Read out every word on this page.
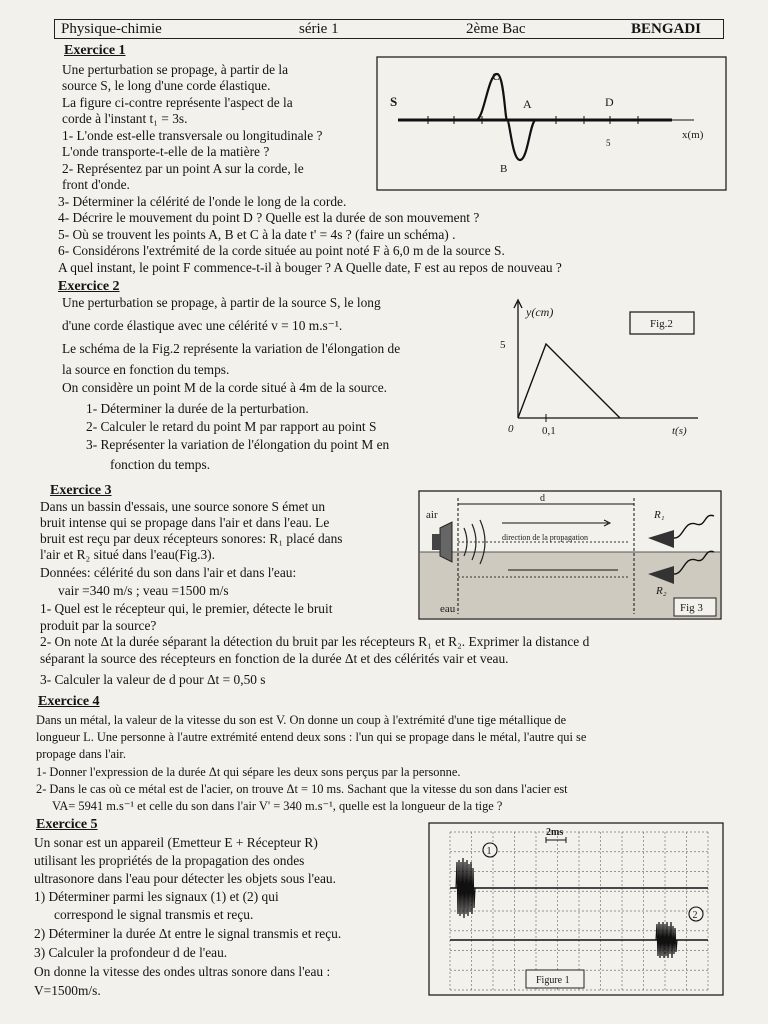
Physique-chimie	série 1	2ème Bac	BENGADI
Exercice 1
Une perturbation se propage, à partir de la
source S, le long d'une corde élastique.
La figure ci-contre représente l'aspect de la
corde à l'instant t₁ = 3s.
1- L'onde est-elle transversale ou longitudinale ?
L'onde transporte-t-elle de la matière ?
2- Représentez par un point A sur la corde, le
front d'onde.
3- Déterminer la célérité de l'onde le long de la corde.
4- Décrire le mouvement du point D ? Quelle est la durée de son mouvement ?
5- Où se trouvent les points A, B et C à la date t' = 4s ? (faire un schéma) .
6- Considérons l'extrémité de la corde située au point noté F à 6,0 m de la source S.
A quel instant, le point F commence-t-il à bouger ? A Quelle date, F est au repos de nouveau ?
S
C
A	D
B
5
x(m)
Exercice 2
Une perturbation se propage, à partir de la source S, le long
d'une corde élastique avec une célérité v = 10 m.s⁻¹.
Le schéma de la Fig.2 représente la variation de l'élongation de
la source en fonction du temps.
On considère un point M de la corde situé à 4m de la source.
1- Déterminer la durée de la perturbation.
2- Calculer le retard du point M par rapport au point S
3- Représenter la variation de l'élongation du point M en
fonction du temps.
Fig.2
y(cm)
5
0	0,1	t(s)
Exercice 3
Dans un bassin d'essais, une source sonore S émet un
bruit intense qui se propage dans l'air et dans l'eau. Le
bruit est reçu par deux récepteurs sonores: R₁ placé dans
l'air et R₂ situé dans l'eau(Fig.3).
Données: célérité du son dans l'air et dans l'eau:
vair =340 m/s ; veau =1500 m/s
1- Quel est le récepteur qui, le premier, détecte le bruit
produit par la source?
2- On note Δt la durée séparant la détection du bruit par les récepteurs R₁ et R₂. Exprimer la distance d
séparant la source des récepteurs en fonction de la durée Δt et des célérités vair et veau.
3- Calculer la valeur de d pour Δt = 0,50 s
air
eau
d
direction de la propagation
R₁
R₂
Fig 3
Exercice 4
Dans un métal, la valeur de la vitesse du son est V. On donne un coup à l'extrémité d'une tige métallique de
longueur L. Une personne à l'autre extrémité entend deux sons : l'un qui se propage dans le métal, l'autre qui se
propage dans l'air.
1- Donner l'expression de la durée Δt qui sépare les deux sons perçus par la personne.
2- Dans le cas où ce métal est de l'acier, on trouve Δt = 10 ms. Sachant que la vitesse du son dans l'acier est
VA= 5941 m.s⁻¹ et celle du son dans l'air V' = 340 m.s⁻¹, quelle est la longueur de la tige ?
Exercice 5
Un sonar est un appareil (Emetteur E + Récepteur R)
utilisant les propriétés de la propagation des ondes
ultrasonore dans l'eau pour détecter les objets sous l'eau.
1) Déterminer parmi les signaux (1) et (2) qui
correspond le signal transmis et reçu.
2) Déterminer la durée Δt entre le signal transmis et reçu.
3) Calculer la profondeur d de l'eau.
On donne la vitesse des ondes ultras sonore dans l'eau :
V=1500m/s.
2ms
1
2
Figure 1
